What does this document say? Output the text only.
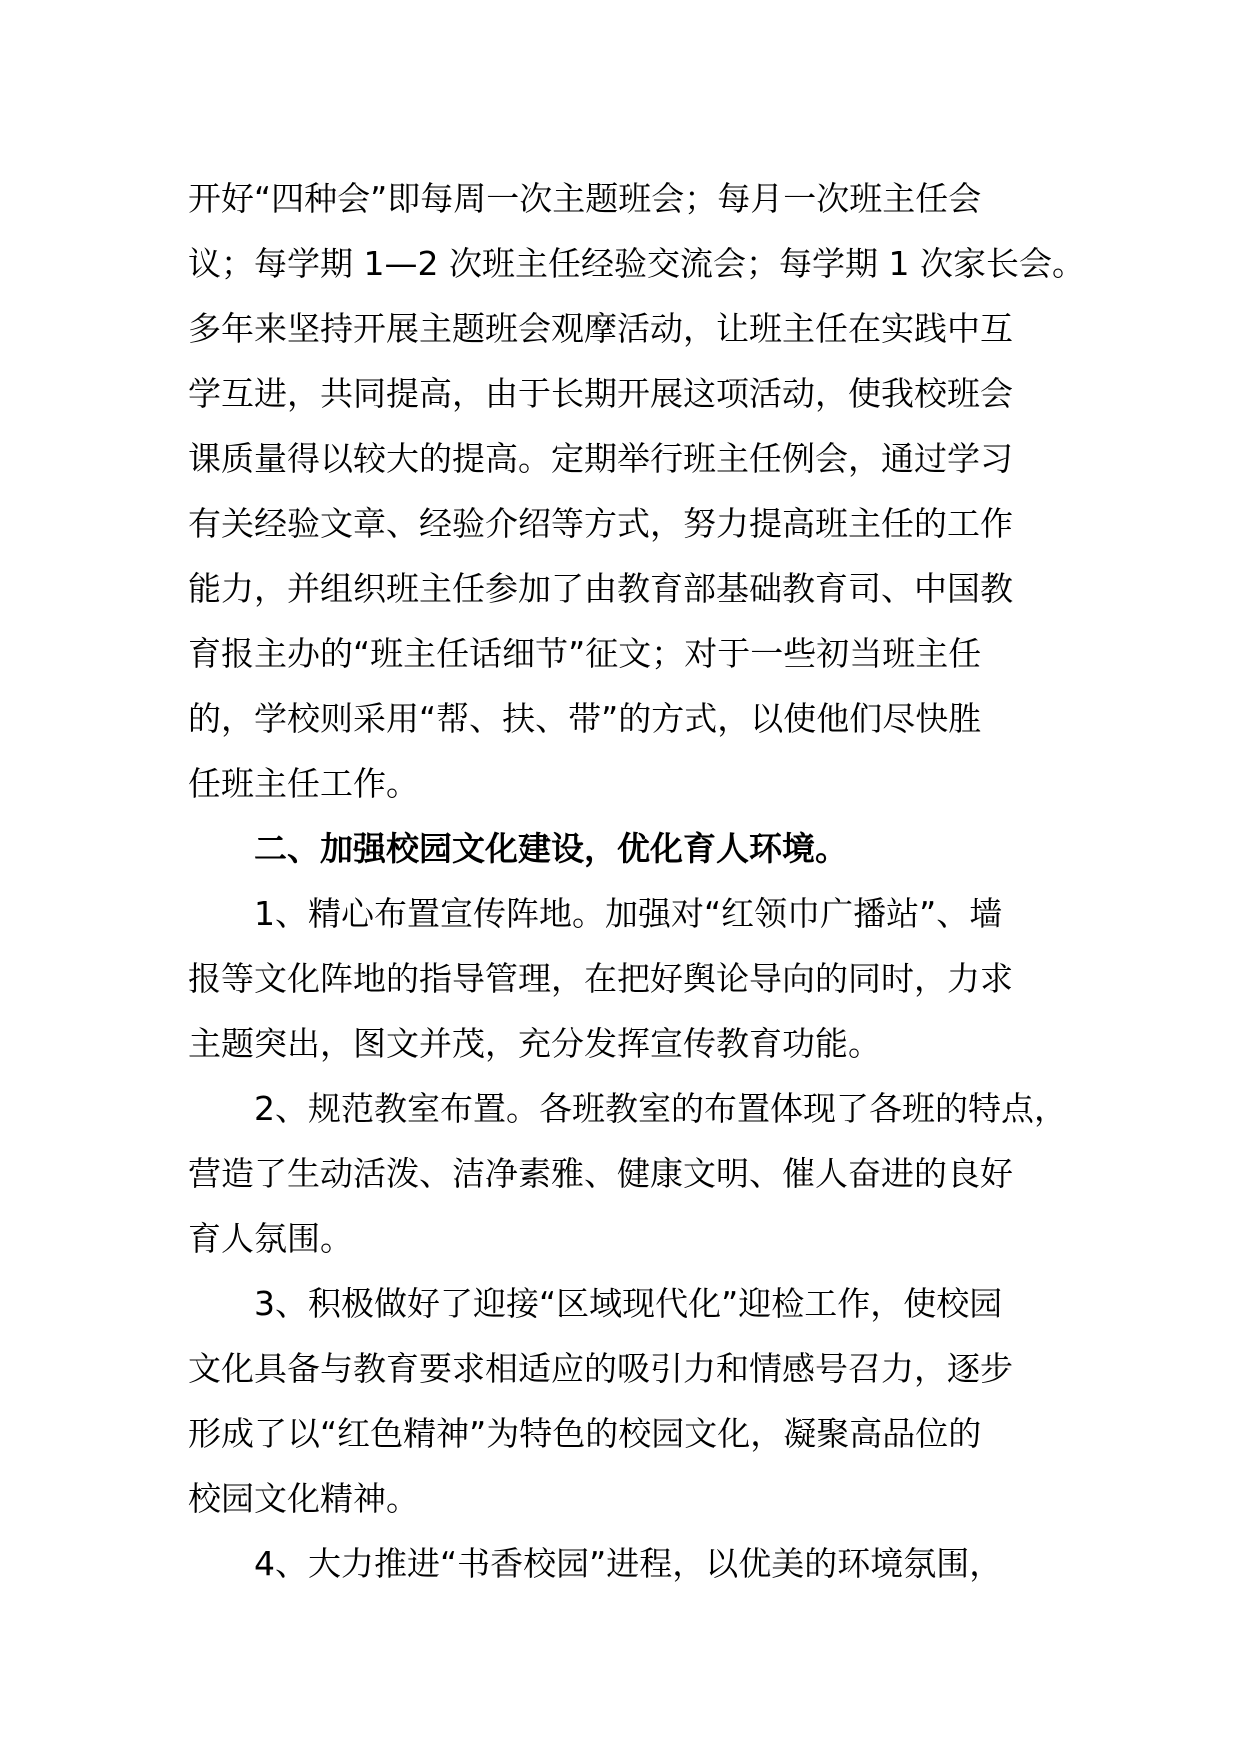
开好“四种会”即每周一次主题班会；每月一次班主任会
议；每学期 1—2 次班主任经验交流会；每学期 1 次家长会。
多年来坚持开展主题班会观摩活动，让班主任在实践中互
学互进，共同提高，由于长期开展这项活动，使我校班会
课质量得以较大的提高。定期举行班主任例会，通过学习
有关经验文章、经验介绍等方式，努力提高班主任的工作
能力，并组织班主任参加了由教育部基础教育司、中国教
育报主办的“班主任话细节”征文；对于一些初当班主任
的，学校则采用“帮、扶、带”的方式，以使他们尽快胜
任班主任工作。
二、加强校园文化建设，优化育人环境。
1、精心布置宣传阵地。加强对“红领巾广播站”、墙
报等文化阵地的指导管理，在把好舆论导向的同时，力求
主题突出，图文并茂，充分发挥宣传教育功能。
2、规范教室布置。各班教室的布置体现了各班的特点，
营造了生动活泼、洁净素雅、健康文明、催人奋进的良好
育人氛围。
3、积极做好了迎接“区域现代化”迎检工作，使校园
文化具备与教育要求相适应的吸引力和情感号召力，逐步
形成了以“红色精神”为特色的校园文化，凝聚高品位的
校园文化精神。
4、大力推进“书香校园”进程，以优美的环境氛围，
